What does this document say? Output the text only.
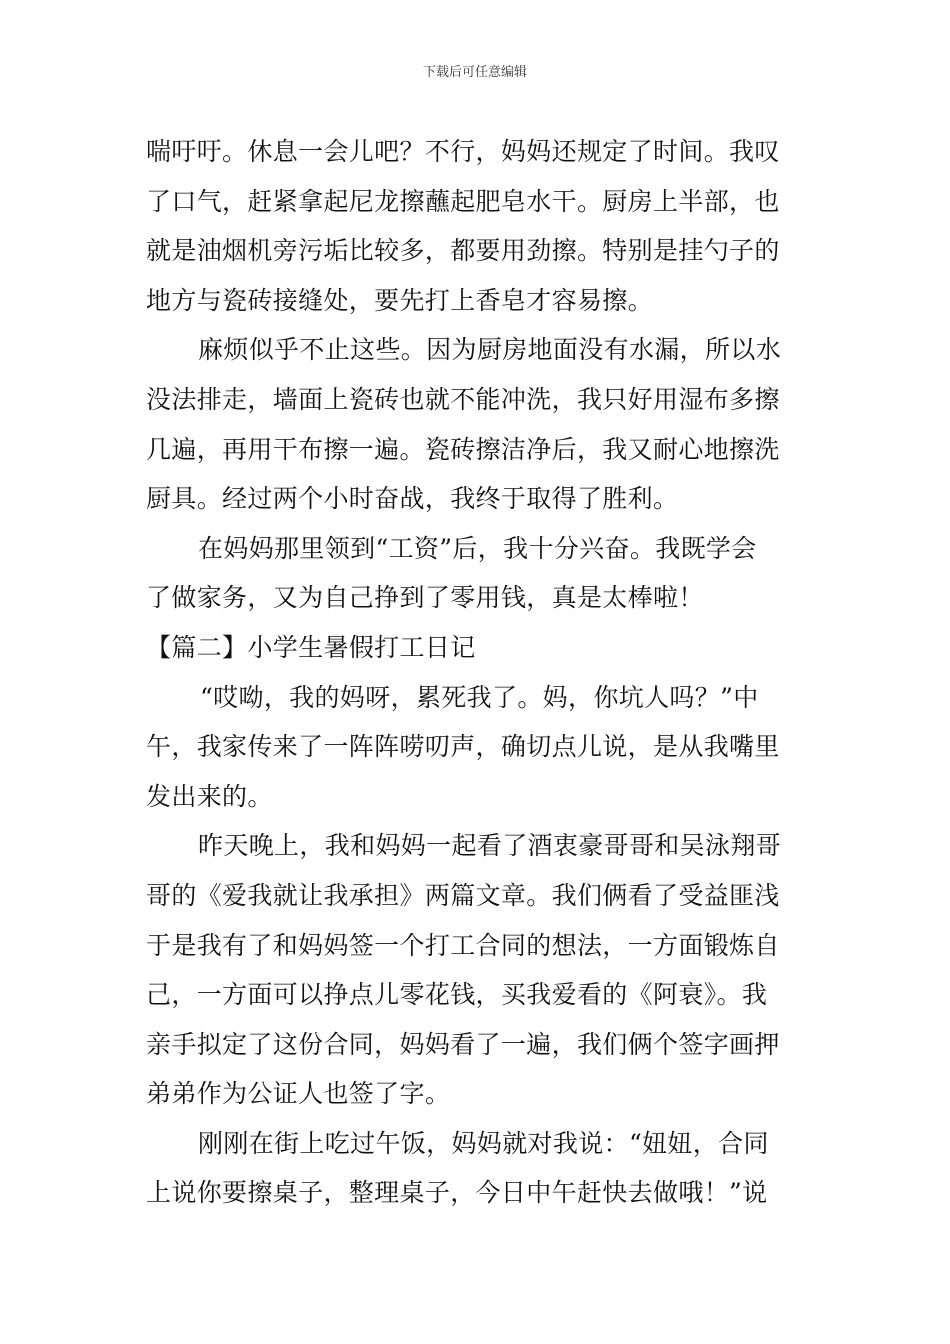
下载后可任意编辑
喘吁吁。休息一会儿吧？不行，妈妈还规定了时间。我叹
了口气，赶紧拿起尼龙擦蘸起肥皂水干。厨房上半部，也
就是油烟机旁污垢比较多，都要用劲擦。特别是挂勺子的
地方与瓷砖接缝处，要先打上香皂才容易擦。
麻烦似乎不止这些。因为厨房地面没有水漏，所以水
没法排走，墙面上瓷砖也就不能冲洗，我只好用湿布多擦
几遍，再用干布擦一遍。瓷砖擦洁净后，我又耐心地擦洗
厨具。经过两个小时奋战，我终于取得了胜利。
在妈妈那里领到“工资”后，我十分兴奋。我既学会
了做家务，又为自己挣到了零用钱，真是太棒啦！
【篇二】小学生暑假打工日记
“哎呦，我的妈呀，累死我了。妈，你坑人吗？”中
午，我家传来了一阵阵唠叨声，确切点儿说，是从我嘴里
发出来的。
昨天晚上，我和妈妈一起看了酒衷豪哥哥和吴泳翔哥
哥的《爱我就让我承担》两篇文章。我们俩看了受益匪浅
于是我有了和妈妈签一个打工合同的想法，一方面锻炼自
己，一方面可以挣点儿零花钱，买我爱看的《阿衰》。我
亲手拟定了这份合同，妈妈看了一遍，我们俩个签字画押
弟弟作为公证人也签了字。
刚刚在街上吃过午饭，妈妈就对我说：“妞妞，合同
上说你要擦桌子，整理桌子，今日中午赶快去做哦！”说
